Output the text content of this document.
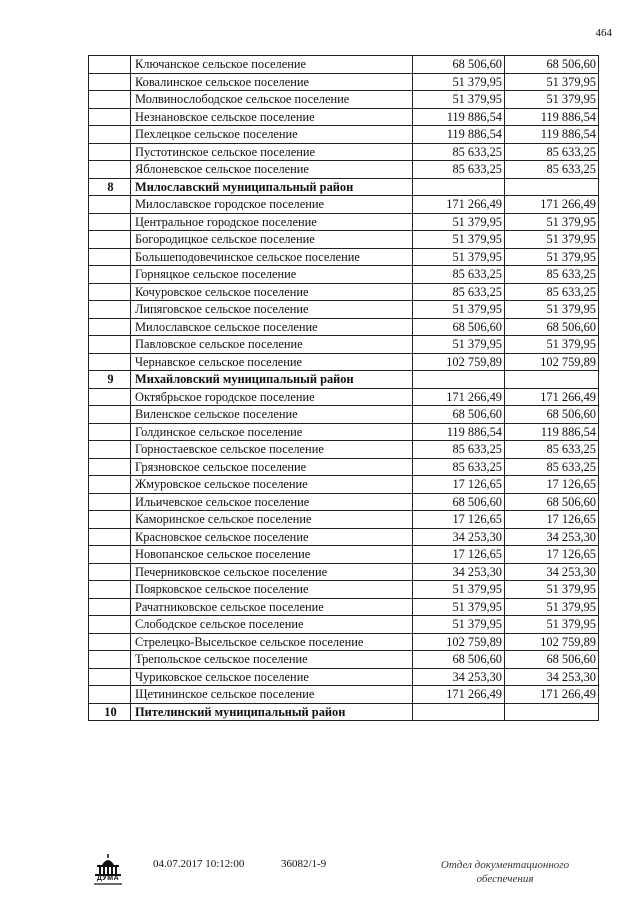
464
	Ключанское сельское поселение	68 506,60	68 506,60
	Ковалинское сельское поселение	51 379,95	51 379,95
	Молвинослободское сельское поселение	51 379,95	51 379,95
	Незнановское сельское поселение	119 886,54	119 886,54
	Пехлецкое сельское поселение	119 886,54	119 886,54
	Пустотинское сельское поселение	85 633,25	85 633,25
	Яблоневское сельское поселение	85 633,25	85 633,25
8	Милославский муниципальный район		
	Милославское городское поселение	171 266,49	171 266,49
	Центральное городское поселение	51 379,95	51 379,95
	Богородицкое сельское поселение	51 379,95	51 379,95
	Большеподовечинское сельское поселение	51 379,95	51 379,95
	Горняцкое сельское поселение	85 633,25	85 633,25
	Кочуровское сельское поселение	85 633,25	85 633,25
	Липяговское сельское поселение	51 379,95	51 379,95
	Милославское сельское поселение	68 506,60	68 506,60
	Павловское сельское поселение	51 379,95	51 379,95
	Чернавское сельское поселение	102 759,89	102 759,89
9	Михайловский муниципальный район		
	Октябрьское городское поселение	171 266,49	171 266,49
	Виленское сельское поселение	68 506,60	68 506,60
	Голдинское сельское поселение	119 886,54	119 886,54
	Горностаевское сельское поселение	85 633,25	85 633,25
	Грязновское сельское поселение	85 633,25	85 633,25
	Жмуровское сельское поселение	17 126,65	17 126,65
	Ильичевское сельское поселение	68 506,60	68 506,60
	Каморинское сельское поселение	17 126,65	17 126,65
	Красновское сельское поселение	34 253,30	34 253,30
	Новопанское сельское поселение	17 126,65	17 126,65
	Печерниковское сельское поселение	34 253,30	34 253,30
	Поярковское сельское поселение	51 379,95	51 379,95
	Рачатниковское сельское поселение	51 379,95	51 379,95
	Слободское сельское поселение	51 379,95	51 379,95
	Стрелецко-Высельское сельское поселение	102 759,89	102 759,89
	Трепольское сельское поселение	68 506,60	68 506,60
	Чуриковское сельское поселение	34 253,30	34 253,30
	Щетининское сельское поселение	171 266,49	171 266,49
10	Пителинский муниципальный район		
ДУМА
04.07.2017 10:12:00	36082/1-9	Отдел документационного
обеспечения
